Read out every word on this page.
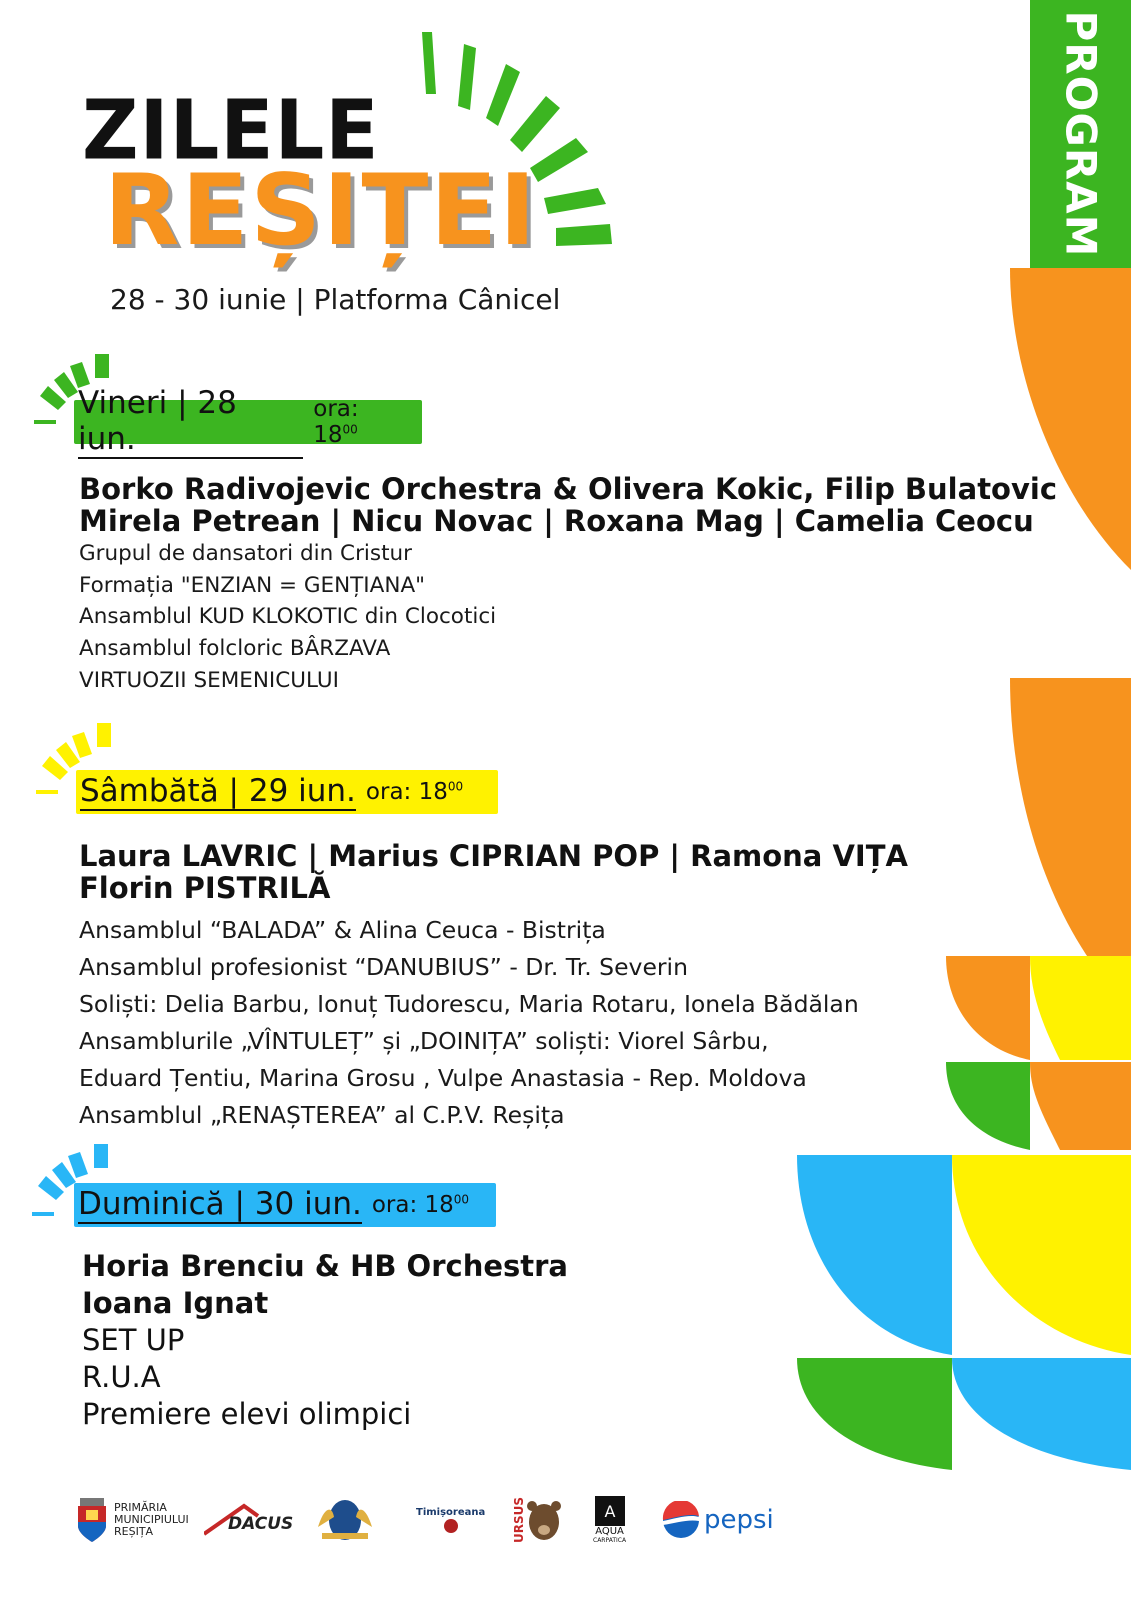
ZILELE
REȘIȚEI
28 - 30 iunie | Platforma Cânicel
PROGRAM
Vineri | 28 iun.
ora: $18^{00}$
Borko Radivojevic Orchestra & Olivera Kokic, Filip Bulatovic
Mirela Petrean | Nicu Novac | Roxana Mag | Camelia Ceocu
Grupul de dansatori din Cristur
Formația "ENZIAN = GENȚIANA"
Ansamblul KUD KLOKOTIC din Clocotici
Ansamblul folcloric BÂRZAVA
VIRTUOZII SEMENICULUI
Sâmbătă | 29 iun. ora: $18^{00}$
Laura LAVRIC | Marius CIPRIAN POP | Ramona VIȚA
Florin PISTRILĂ
Ansamblul “BALADA” & Alina Ceuca - Bistrița
Ansamblul profesionist “DANUBIUS” - Dr. Tr. Severin
Soliști: Delia Barbu, Ionuț Tudorescu, Maria Rotaru, Ionela Bădălan
Ansamblurile „VÎNTULEȚ” și „DOINIȚA” soliști: Viorel Sârbu,
Eduard Țentiu, Marina Grosu , Vulpe Anastasia - Rep. Moldova
Ansamblul „RENAȘTEREA” al C.P.V. Reșița
Duminică | 30 iun. ora: $18^{00}$
Horia Brenciu & HB Orchestra
Ioana Ignat
SET UP
R.U.A
Premiere elevi olimpici
PRIMĂRIA
MUNICIPIULUI
REȘIȚA	DACUS
Timișoreana URSUS	A
AQUA
CARPATICA
pepsi
